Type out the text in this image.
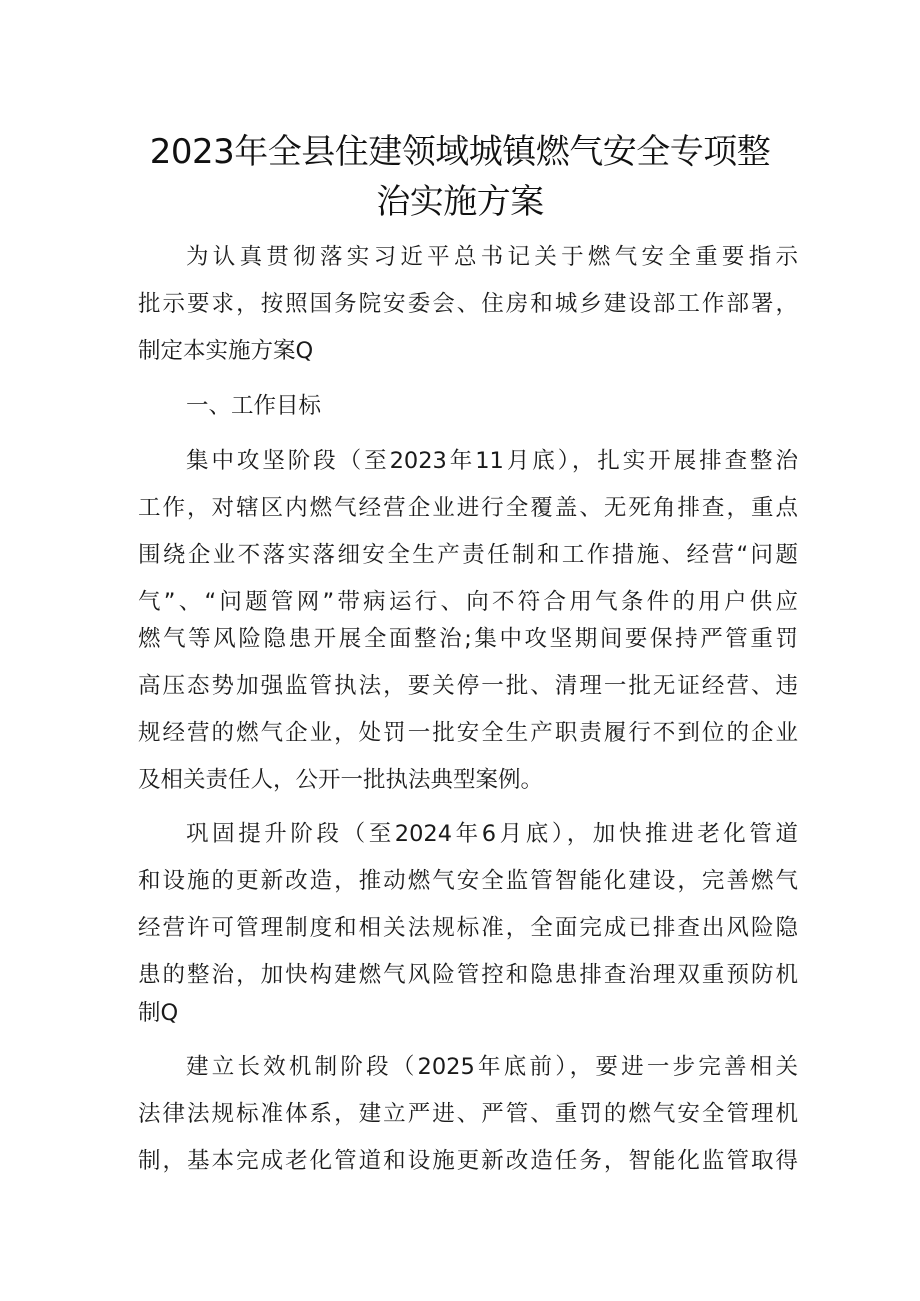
2023年全县住建领域城镇燃气安全专项整
治实施方案
为认真贯彻落实习近平总书记关于燃气安全重要指示
批示要求，按照国务院安委会、住房和城乡建设部工作部署，
制定本实施方案Q
一、工作目标
集中攻坚阶段（至2023年11月底），扎实开展排查整治
工作，对辖区内燃气经营企业进行全覆盖、无死角排查，重点
围绕企业不落实落细安全生产责任制和工作措施、经营“问题
气”、“问题管网”带病运行、向不符合用气条件的用户供应
燃气等风险隐患开展全面整治;集中攻坚期间要保持严管重罚
高压态势加强监管执法，要关停一批、清理一批无证经营、违
规经营的燃气企业，处罚一批安全生产职责履行不到位的企业
及相关责任人，公开一批执法典型案例。
巩固提升阶段（至2024年6月底），加快推进老化管道
和设施的更新改造，推动燃气安全监管智能化建设，完善燃气
经营许可管理制度和相关法规标准，全面完成已排查出风险隐
患的整治，加快构建燃气风险管控和隐患排查治理双重预防机
制Q
建立长效机制阶段（2025年底前），要进一步完善相关
法律法规标准体系，建立严进、严管、重罚的燃气安全管理机
制，基本完成老化管道和设施更新改造任务，智能化监管取得
